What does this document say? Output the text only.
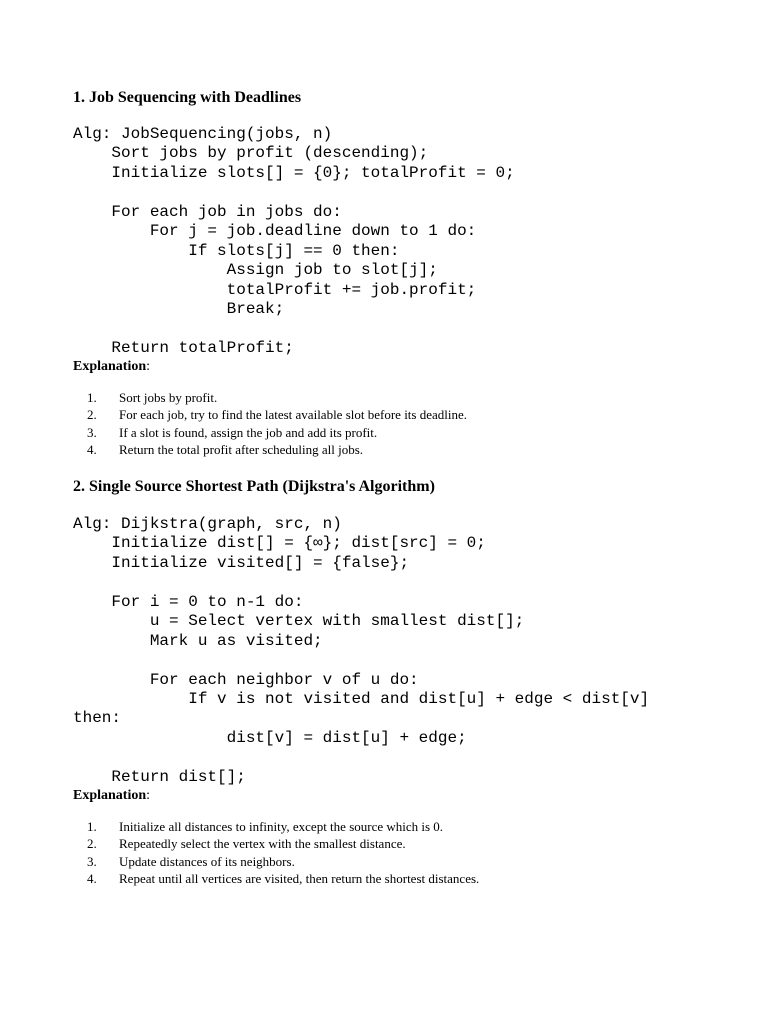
1. Job Sequencing with Deadlines
Alg: JobSequencing(jobs, n)
Sort jobs by profit (descending);
Initialize slots[] = {0}; totalProfit = 0;
For each job in jobs do:
For j = job.deadline down to 1 do:
If slots[j] == 0 then:
Assign job to slot[j];
totalProfit += job.profit;
Break;
Return totalProfit;
Explanation:
1.	Sort jobs by profit.
2.	For each job, try to find the latest available slot before its deadline.
3.	If a slot is found, assign the job and add its profit.
4.	Return the total profit after scheduling all jobs.
2. Single Source Shortest Path (Dijkstra's Algorithm)
Alg: Dijkstra(graph, src, n)
Initialize dist[] = {∞}; dist[src] = 0;
Initialize visited[] = {false};
For i = 0 to n-1 do:
u = Select vertex with smallest dist[];
Mark u as visited;
For each neighbor v of u do:
If v is not visited and dist[u] + edge < dist[v]
then:
dist[v] = dist[u] + edge;
Return dist[];
Explanation:
1.	Initialize all distances to infinity, except the source which is 0.
2.	Repeatedly select the vertex with the smallest distance.
3.	Update distances of its neighbors.
4.	Repeat until all vertices are visited, then return the shortest distances.
